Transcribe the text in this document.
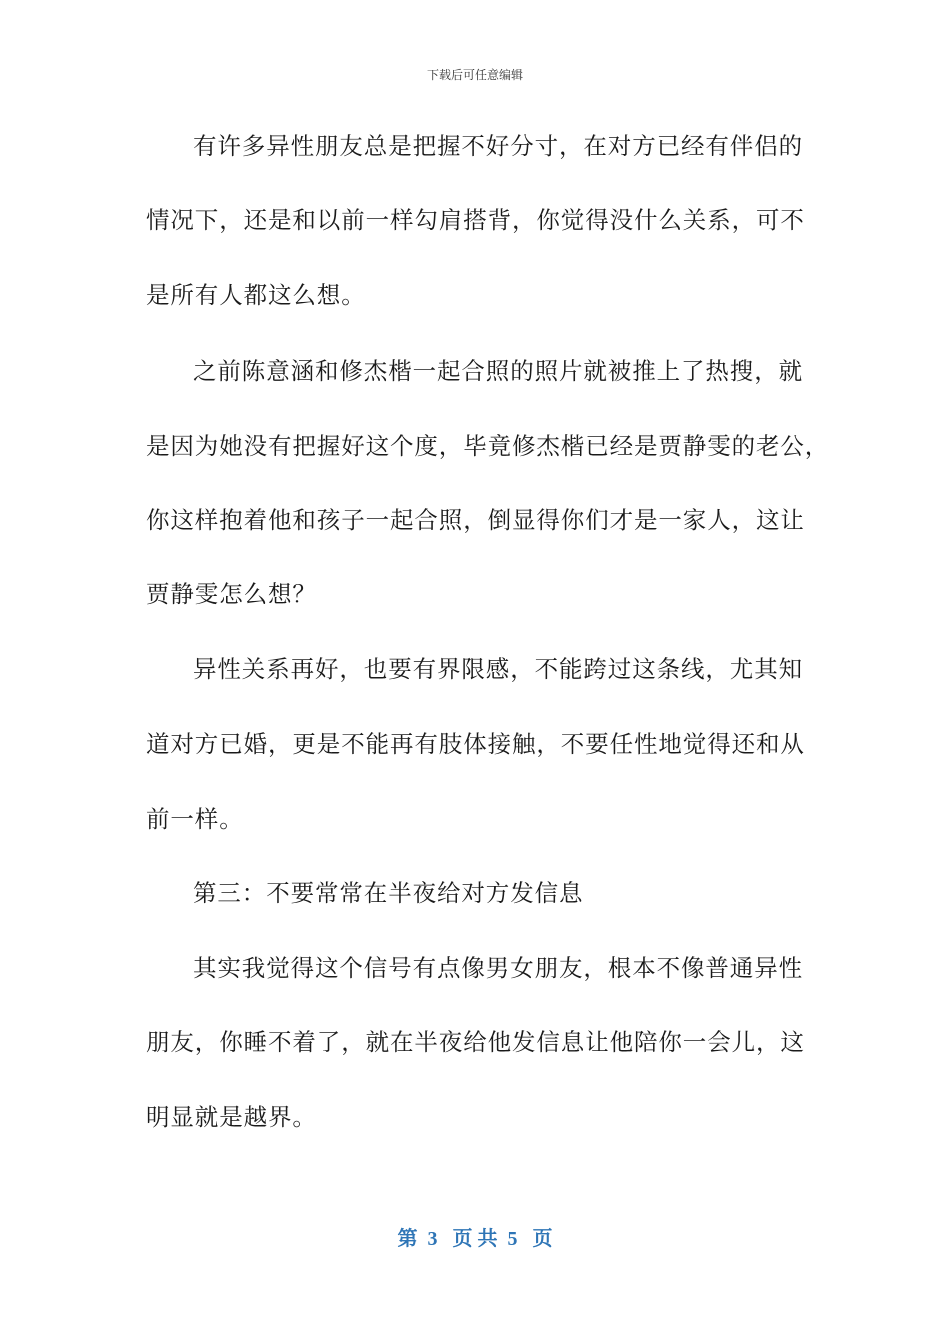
下载后可任意编辑
有许多异性朋友总是把握不好分寸，在对方已经有伴侣的
情况下，还是和以前一样勾肩搭背，你觉得没什么关系，可不
是所有人都这么想。
之前陈意涵和修杰楷一起合照的照片就被推上了热搜，就
是因为她没有把握好这个度，毕竟修杰楷已经是贾静雯的老公，
你这样抱着他和孩子一起合照，倒显得你们才是一家人，这让
贾静雯怎么想？
异性关系再好，也要有界限感，不能跨过这条线，尤其知
道对方已婚，更是不能再有肢体接触，不要任性地觉得还和从
前一样。
第三：不要常常在半夜给对方发信息
其实我觉得这个信号有点像男女朋友，根本不像普通异性
朋友，你睡不着了，就在半夜给他发信息让他陪你一会儿，这
明显就是越界。
第  3   页 共  5   页
